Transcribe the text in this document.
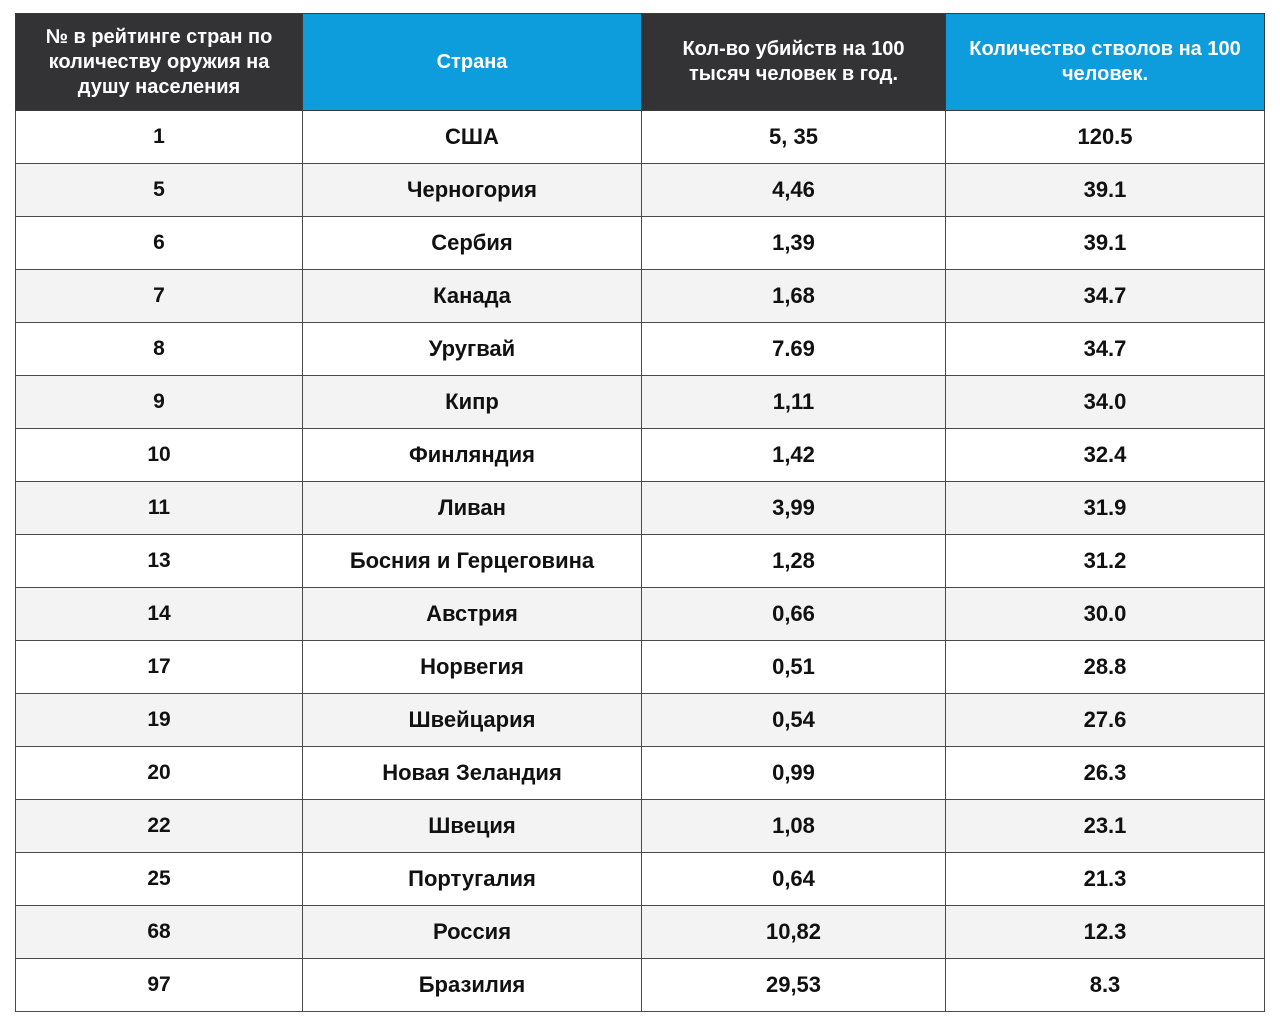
№ в рейтинге стран по количеству оружия на душу населения	Страна	Кол-во убийств на 100 тысяч человек в год.	Количество стволов на 100 человек.
1	США	5, 35	120.5
5	Черногория	4,46	39.1
6	Сербия	1,39	39.1
7	Канада	1,68	34.7
8	Уругвай	7.69	34.7
9	Кипр	1,11	34.0
10	Финляндия	1,42	32.4
11	Ливан	3,99	31.9
13	Босния и Герцеговина	1,28	31.2
14	Австрия	0,66	30.0
17	Норвегия	0,51	28.8
19	Швейцария	0,54	27.6
20	Новая Зеландия	0,99	26.3
22	Швеция	1,08	23.1
25	Португалия	0,64	21.3
68	Россия	10,82	12.3
97	Бразилия	29,53	8.3
